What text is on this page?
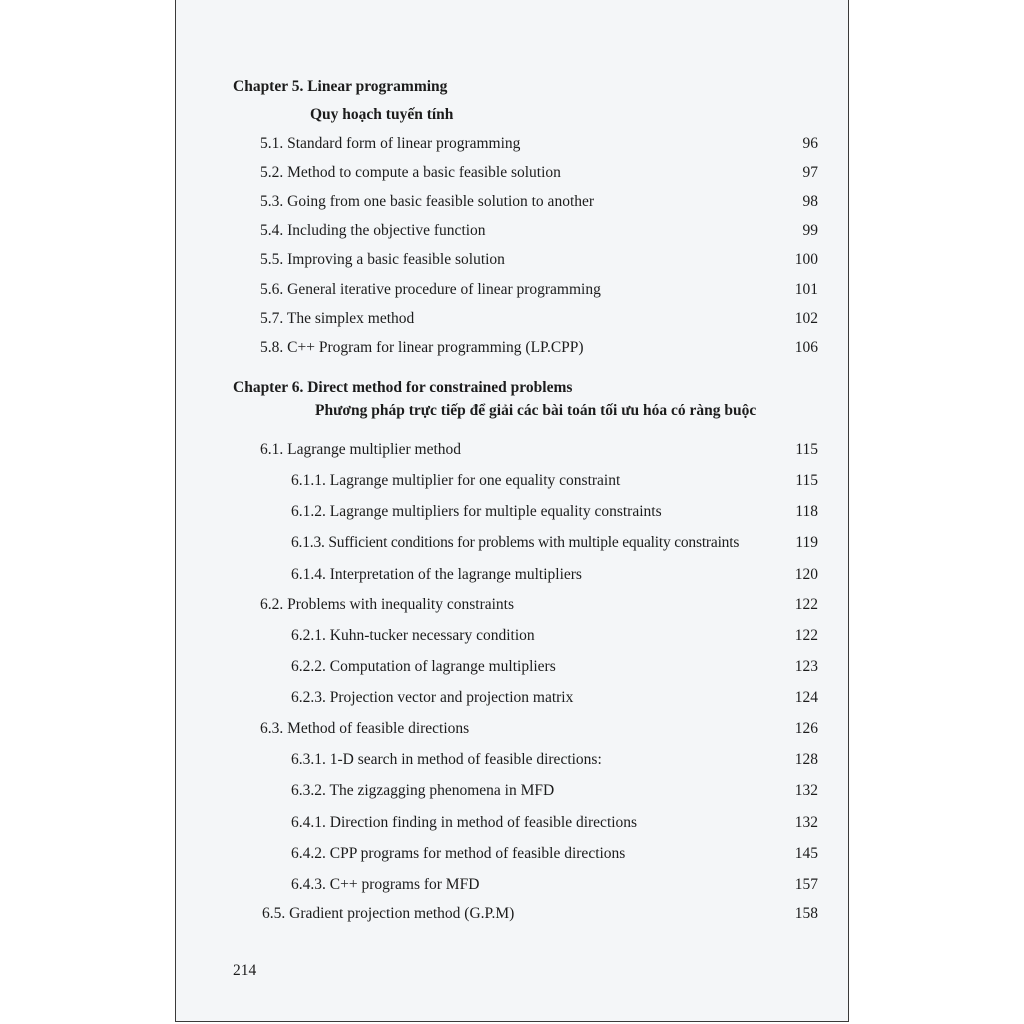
Chapter 5. Linear programming
Quy hoạch tuyến tính
5.1. Standard form of linear programming	96
5.2. Method to compute a basic feasible solution	97
5.3. Going from one basic feasible solution to another	98
5.4. Including the objective function	99
5.5. Improving a basic feasible solution	100
5.6. General iterative procedure of linear programming	101
5.7. The simplex method	102
5.8. C++ Program for linear programming (LP.CPP)	106
Chapter 6. Direct method for constrained problems
Phương pháp trực tiếp để giải các bài toán tối ưu hóa có ràng buộc
6.1. Lagrange multiplier method	115
6.1.1. Lagrange multiplier for one equality constraint	115
6.1.2. Lagrange multipliers for multiple equality constraints	118
6.1.3. Sufficient conditions for problems with multiple equality constraints	119
6.1.4. Interpretation of the lagrange multipliers	120
6.2. Problems with inequality constraints	122
6.2.1. Kuhn-tucker necessary condition	122
6.2.2. Computation of lagrange multipliers	123
6.2.3. Projection vector and projection matrix	124
6.3. Method of feasible directions	126
6.3.1. 1-D search in method of feasible directions:	128
6.3.2. The zigzagging phenomena in MFD	132
6.4.1. Direction finding in method of feasible directions	132
6.4.2. CPP programs for method of feasible directions	145
6.4.3. C++ programs for MFD	157
6.5. Gradient projection method (G.P.M)	158
214
